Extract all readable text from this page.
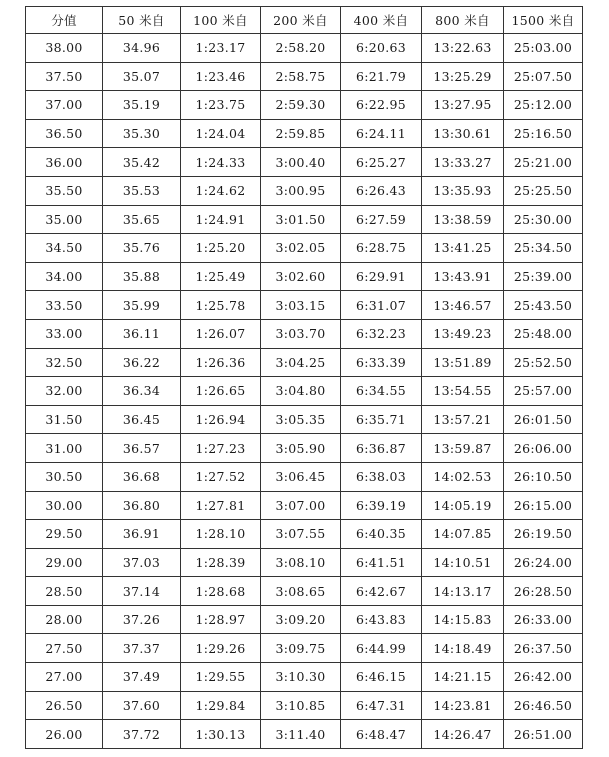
分值	50 米自	100 米自	200 米自	400 米自	800 米自	1500 米自
38.00	34.96	1:23.17	2:58.20	6:20.63	13:22.63	25:03.00
37.50	35.07	1:23.46	2:58.75	6:21.79	13:25.29	25:07.50
37.00	35.19	1:23.75	2:59.30	6:22.95	13:27.95	25:12.00
36.50	35.30	1:24.04	2:59.85	6:24.11	13:30.61	25:16.50
36.00	35.42	1:24.33	3:00.40	6:25.27	13:33.27	25:21.00
35.50	35.53	1:24.62	3:00.95	6:26.43	13:35.93	25:25.50
35.00	35.65	1:24.91	3:01.50	6:27.59	13:38.59	25:30.00
34.50	35.76	1:25.20	3:02.05	6:28.75	13:41.25	25:34.50
34.00	35.88	1:25.49	3:02.60	6:29.91	13:43.91	25:39.00
33.50	35.99	1:25.78	3:03.15	6:31.07	13:46.57	25:43.50
33.00	36.11	1:26.07	3:03.70	6:32.23	13:49.23	25:48.00
32.50	36.22	1:26.36	3:04.25	6:33.39	13:51.89	25:52.50
32.00	36.34	1:26.65	3:04.80	6:34.55	13:54.55	25:57.00
31.50	36.45	1:26.94	3:05.35	6:35.71	13:57.21	26:01.50
31.00	36.57	1:27.23	3:05.90	6:36.87	13:59.87	26:06.00
30.50	36.68	1:27.52	3:06.45	6:38.03	14:02.53	26:10.50
30.00	36.80	1:27.81	3:07.00	6:39.19	14:05.19	26:15.00
29.50	36.91	1:28.10	3:07.55	6:40.35	14:07.85	26:19.50
29.00	37.03	1:28.39	3:08.10	6:41.51	14:10.51	26:24.00
28.50	37.14	1:28.68	3:08.65	6:42.67	14:13.17	26:28.50
28.00	37.26	1:28.97	3:09.20	6:43.83	14:15.83	26:33.00
27.50	37.37	1:29.26	3:09.75	6:44.99	14:18.49	26:37.50
27.00	37.49	1:29.55	3:10.30	6:46.15	14:21.15	26:42.00
26.50	37.60	1:29.84	3:10.85	6:47.31	14:23.81	26:46.50
26.00	37.72	1:30.13	3:11.40	6:48.47	14:26.47	26:51.00
